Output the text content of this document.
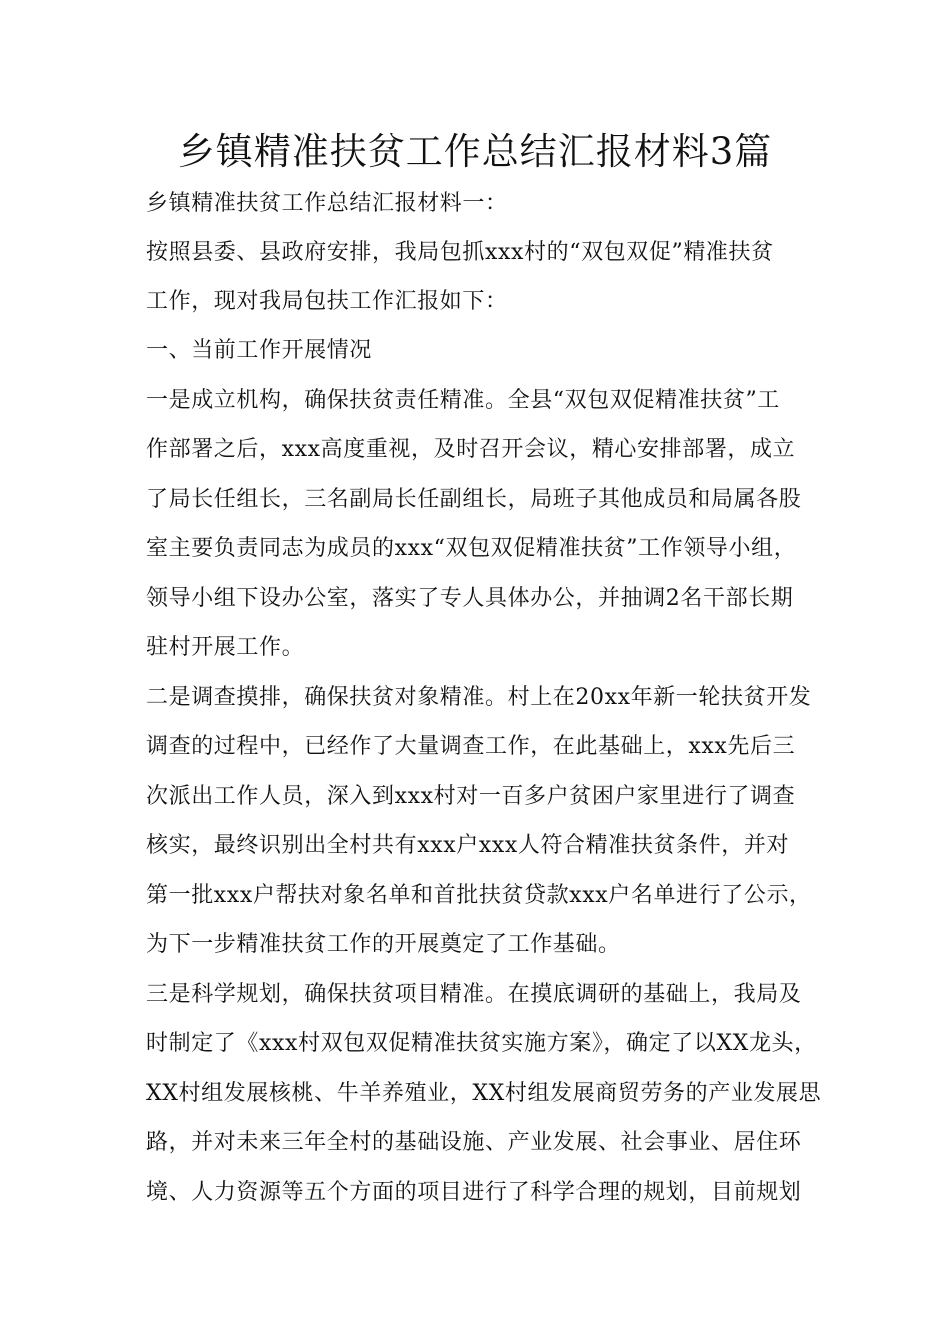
乡镇精准扶贫工作总结汇报材料3篇
乡镇精准扶贫工作总结汇报材料一：
按照县委、县政府安排，我局包抓xxx村的“双包双促”精准扶贫
工作，现对我局包扶工作汇报如下：
一、当前工作开展情况
一是成立机构，确保扶贫责任精准。全县“双包双促精准扶贫”工
作部署之后，xxx高度重视，及时召开会议，精心安排部署，成立
了局长任组长，三名副局长任副组长，局班子其他成员和局属各股
室主要负责同志为成员的xxx“双包双促精准扶贫”工作领导小组，
领导小组下设办公室，落实了专人具体办公，并抽调2名干部长期
驻村开展工作。
二是调查摸排，确保扶贫对象精准。村上在20xx年新一轮扶贫开发
调查的过程中，已经作了大量调查工作，在此基础上，xxx先后三
次派出工作人员，深入到xxx村对一百多户贫困户家里进行了调查
核实，最终识别出全村共有xxx户xxx人符合精准扶贫条件，并对
第一批xxx户帮扶对象名单和首批扶贫贷款xxx户名单进行了公示，
为下一步精准扶贫工作的开展奠定了工作基础。
三是科学规划，确保扶贫项目精准。在摸底调研的基础上，我局及
时制定了《xxx村双包双促精准扶贫实施方案》，确定了以XX龙头，
XX村组发展核桃、牛羊养殖业，XX村组发展商贸劳务的产业发展思
路，并对未来三年全村的基础设施、产业发展、社会事业、居住环
境、人力资源等五个方面的项目进行了科学合理的规划，目前规划
